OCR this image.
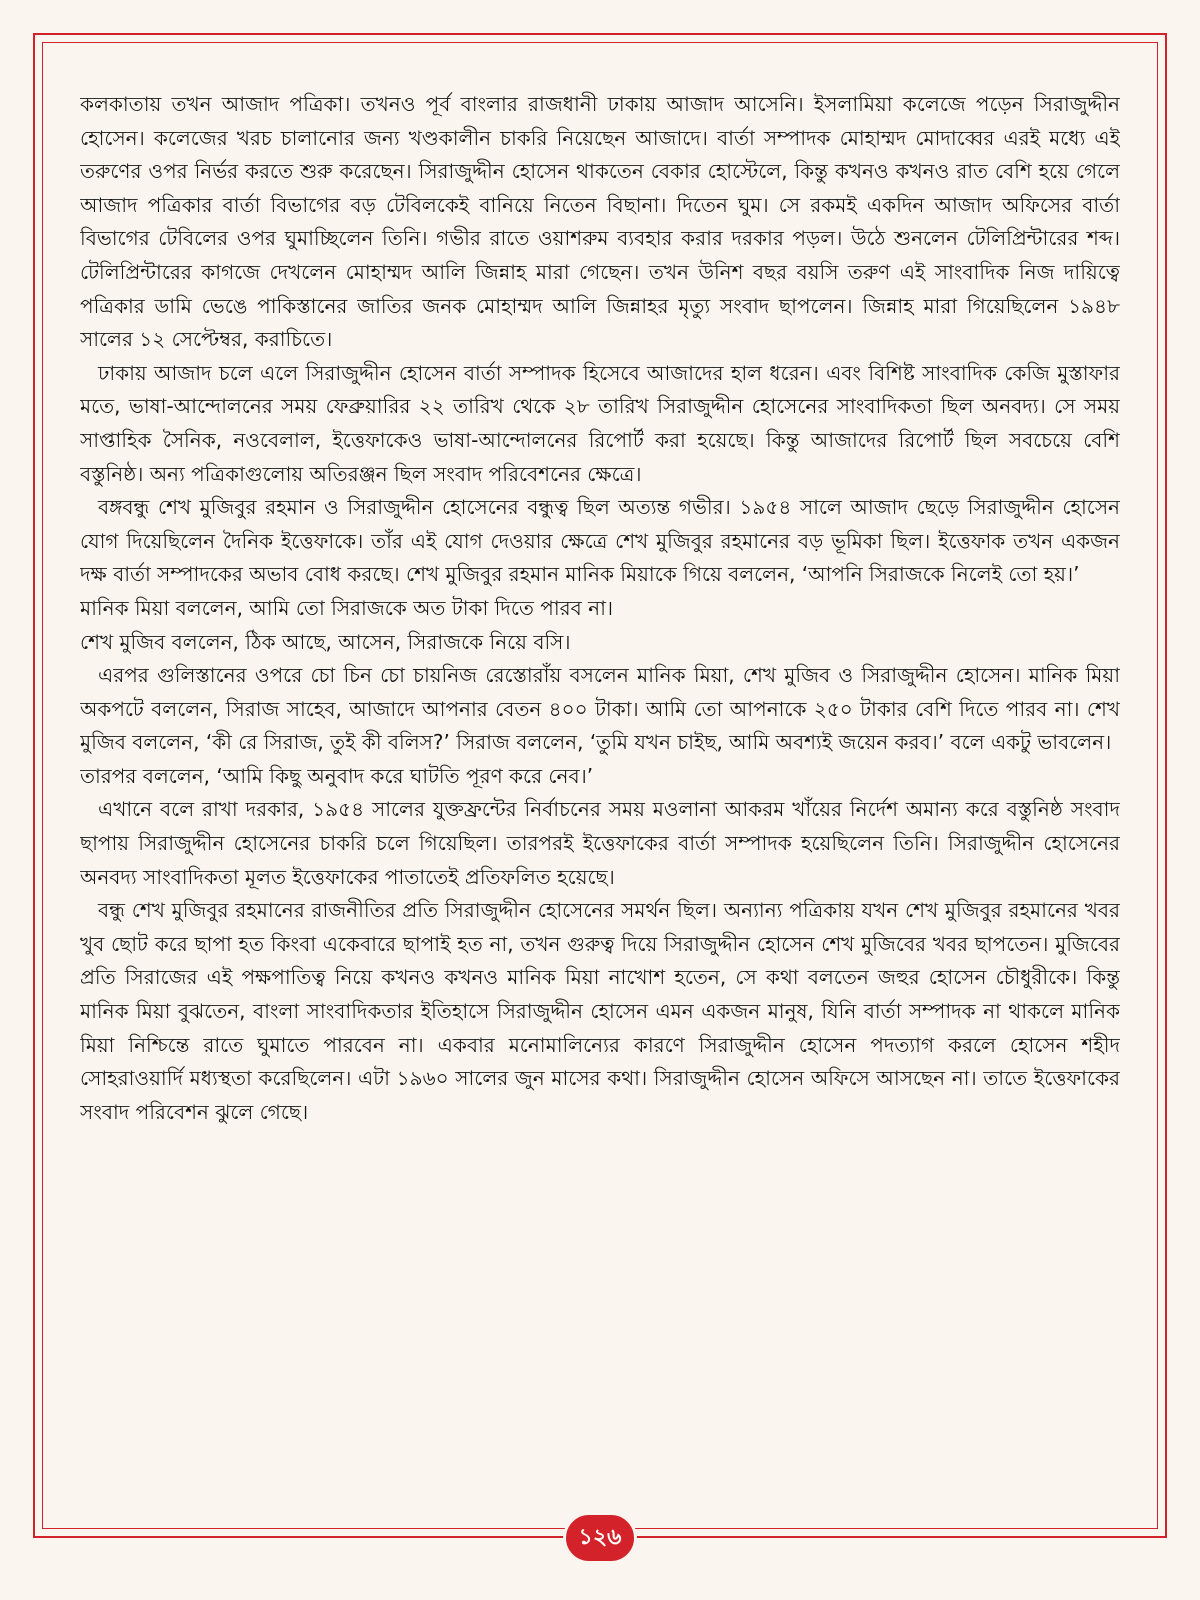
কলকাতায় তখন আজাদ পত্রিকা। তখনও পূর্ব বাংলার রাজধানী ঢাকায় আজাদ আসেনি। ইসলামিয়া কলেজে পড়েন সিরাজুদ্দীন হোসেন। কলেজের খরচ চালানোর জন্য খণ্ডকালীন চাকরি নিয়েছেন আজাদে। বার্তা সম্পাদক মোহাম্মদ মোদাব্বের এরই মধ্যে এই তরুণের ওপর নির্ভর করতে শুরু করেছেন। সিরাজুদ্দীন হোসেন থাকতেন বেকার হোস্টেলে, কিন্তু কখনও কখনও রাত বেশি হয়ে গেলে আজাদ পত্রিকার বার্তা বিভাগের বড় টেবিলকেই বানিয়ে নিতেন বিছানা। দিতেন ঘুম। সে রকমই একদিন আজাদ অফিসের বার্তা বিভাগের টেবিলের ওপর ঘুমাচ্ছিলেন তিনি। গভীর রাতে ওয়াশরুম ব্যবহার করার দরকার পড়ল। উঠে শুনলেন টেলিপ্রিন্টারের শব্দ। টেলিপ্রিন্টারের কাগজে দেখলেন মোহাম্মদ আলি জিন্নাহ মারা গেছেন। তখন উনিশ বছর বয়সি তরুণ এই সাংবাদিক নিজ দায়িত্বে পত্রিকার ডামি ভেঙে পাকিস্তানের জাতির জনক মোহাম্মদ আলি জিন্নাহর মৃত্যু সংবাদ ছাপলেন। জিন্নাহ মারা গিয়েছিলেন ১৯৪৮ সালের ১২ সেপ্টেম্বর, করাচিতে।

ঢাকায় আজাদ চলে এলে সিরাজুদ্দীন হোসেন বার্তা সম্পাদক হিসেবে আজাদের হাল ধরেন। এবং বিশিষ্ট সাংবাদিক কেজি মুস্তাফার মতে, ভাষা-আন্দোলনের সময় ফেব্রুয়ারির ২২ তারিখ থেকে ২৮ তারিখ সিরাজুদ্দীন হোসেনের সাংবাদিকতা ছিল অনবদ্য। সে সময় সাপ্তাহিক সৈনিক, নওবেলাল, ইত্তেফাকেও ভাষা-আন্দোলনের রিপোর্ট করা হয়েছে। কিন্তু আজাদের রিপোর্ট ছিল সবচেয়ে বেশি বস্তুনিষ্ঠ। অন্য পত্রিকাগুলোয় অতিরঞ্জন ছিল সংবাদ পরিবেশনের ক্ষেত্রে।

বঙ্গবন্ধু শেখ মুজিবুর রহমান ও সিরাজুদ্দীন হোসেনের বন্ধুত্ব ছিল অত্যন্ত গভীর। ১৯৫৪ সালে আজাদ ছেড়ে সিরাজুদ্দীন হোসেন যোগ দিয়েছিলেন দৈনিক ইত্তেফাকে। তাঁর এই যোগ দেওয়ার ক্ষেত্রে শেখ মুজিবুর রহমানের বড় ভূমিকা ছিল। ইত্তেফাক তখন একজন দক্ষ বার্তা সম্পাদকের অভাব বোধ করছে। শেখ মুজিবুর রহমান মানিক মিয়াকে গিয়ে বললেন, ‘আপনি সিরাজকে নিলেই তো হয়।’

মানিক মিয়া বললেন, আমি তো সিরাজকে অত টাকা দিতে পারব না।

শেখ মুজিব বললেন, ঠিক আছে, আসেন, সিরাজকে নিয়ে বসি।

এরপর গুলিস্তানের ওপরে চো চিন চো চায়নিজ রেস্তোরাঁয় বসলেন মানিক মিয়া, শেখ মুজিব ও সিরাজুদ্দীন হোসেন। মানিক মিয়া অকপটে বললেন, সিরাজ সাহেব, আজাদে আপনার বেতন ৪০০ টাকা। আমি তো আপনাকে ২৫০ টাকার বেশি দিতে পারব না। শেখ মুজিব বললেন, ‘কী রে সিরাজ, তুই কী বলিস?’ সিরাজ বললেন, ‘তুমি যখন চাইছ, আমি অবশ্যই জয়েন করব।’ বলে একটু ভাবলেন।

তারপর বললেন, ‘আমি কিছু অনুবাদ করে ঘাটতি পূরণ করে নেব।’

এখানে বলে রাখা দরকার, ১৯৫৪ সালের যুক্তফ্রন্টের নির্বাচনের সময় মওলানা আকরম খাঁয়ের নির্দেশ অমান্য করে বস্তুনিষ্ঠ সংবাদ ছাপায় সিরাজুদ্দীন হোসেনের চাকরি চলে গিয়েছিল। তারপরই ইত্তেফাকের বার্তা সম্পাদক হয়েছিলেন তিনি। সিরাজুদ্দীন হোসেনের অনবদ্য সাংবাদিকতা মূলত ইত্তেফাকের পাতাতেই প্রতিফলিত হয়েছে।

বন্ধু শেখ মুজিবুর রহমানের রাজনীতির প্রতি সিরাজুদ্দীন হোসেনের সমর্থন ছিল। অন্যান্য পত্রিকায় যখন শেখ মুজিবুর রহমানের খবর খুব ছোট করে ছাপা হত কিংবা একেবারে ছাপাই হত না, তখন গুরুত্ব দিয়ে সিরাজুদ্দীন হোসেন শেখ মুজিবের খবর ছাপতেন। মুজিবের প্রতি সিরাজের এই পক্ষপাতিত্ব নিয়ে কখনও কখনও মানিক মিয়া নাখোশ হতেন, সে কথা বলতেন জহুর হোসেন চৌধুরীকে। কিন্তু মানিক মিয়া বুঝতেন, বাংলা সাংবাদিকতার ইতিহাসে সিরাজুদ্দীন হোসেন এমন একজন মানুষ, যিনি বার্তা সম্পাদক না থাকলে মানিক মিয়া নিশ্চিন্তে রাতে ঘুমাতে পারবেন না। একবার মনোমালিন্যের কারণে সিরাজুদ্দীন হোসেন পদত্যাগ করলে হোসেন শহীদ সোহরাওয়ার্দি মধ্যস্থতা করেছিলেন। এটা ১৯৬০ সালের জুন মাসের কথা। সিরাজুদ্দীন হোসেন অফিসে আসছেন না। তাতে ইত্তেফাকের সংবাদ পরিবেশন ঝুলে গেছে।

১২৬
